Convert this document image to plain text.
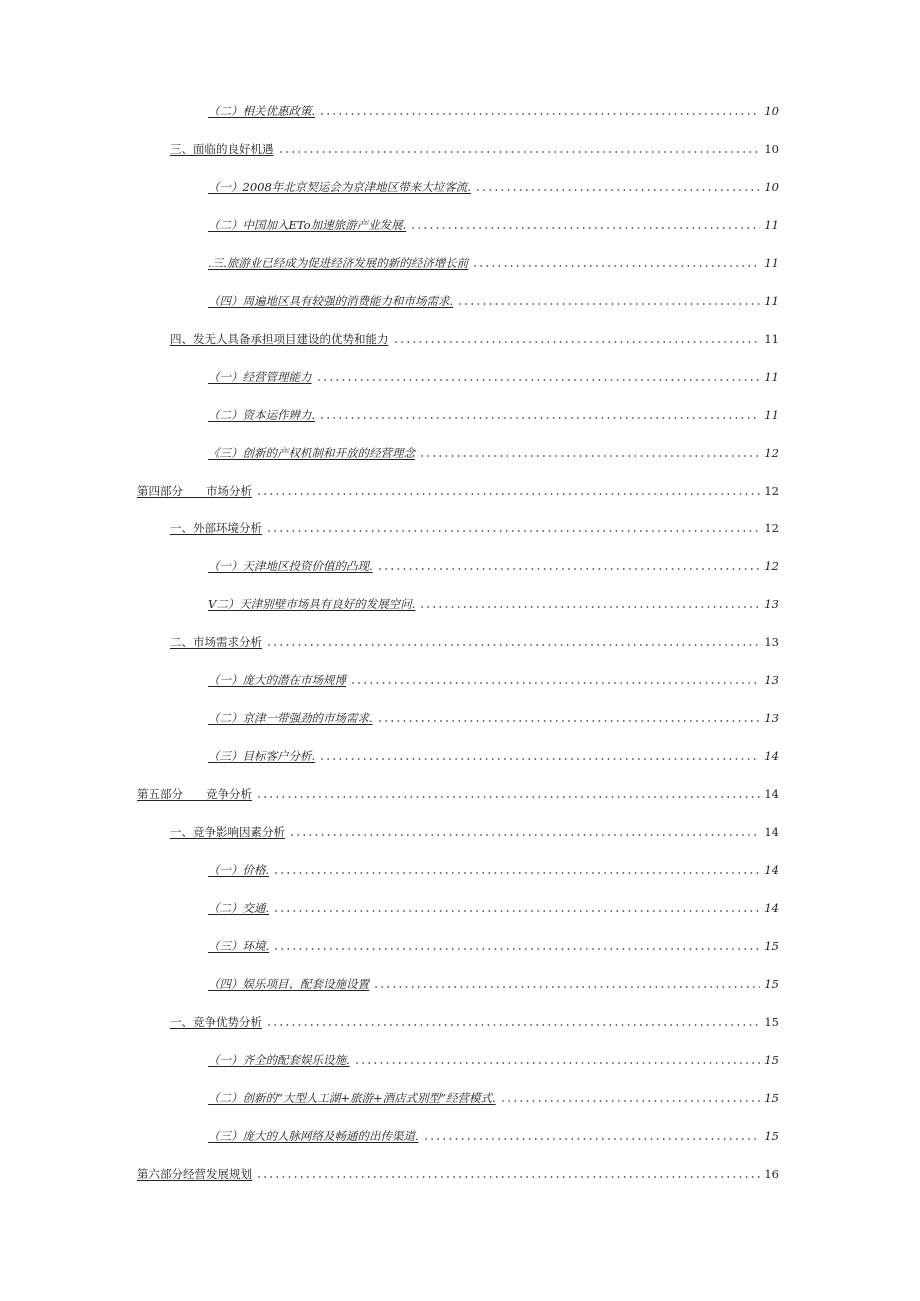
（二）相关优惠政策.	10
三、面临的良好机遇	10
（一）2008年北京契运会为京津地区带来大垃客流.	10
（二）中国加入ETo加速旅游产业发展.	11
.三.旅游业已经成为促进经济发展的新的经济增长前	11
（四）周遍地区具有较强的消费能力和市场需求.	11
四、发无人具备承担项目建设的优势和能力	11
（一）经营管理能力	11
（二）资本运作辨力.	11
《三）创新的产权机制和开放的经营理念	12
第四部分　　市场分析	12
一、外部环境分析	12
（一）天津地区投资价值的凸现.	12
V二）天津别壁市场具有良好的发展空问.	13
二、市场需求分析	13
（一）庞大的潜在市场规博	13
（二）京津一带强劲的市场需求.	13
（三）目标客户分析.	14
第五部分　　竞争分析	14
一、竞争影响因素分析	14
（一）价格.	14
（二）交通.	14
（三）环境.	15
（四）娱乐项目、配套设施设置	15
一、竞争优势分析	15
（一）齐全的配套娱乐设施.	15
（二）创新的“大型人工湖+旅游+酒店式别型”经营模式.	15
（三）庞大的人脉网络及畅通的出传渠道.	15
第六部分经营发展规划	16
